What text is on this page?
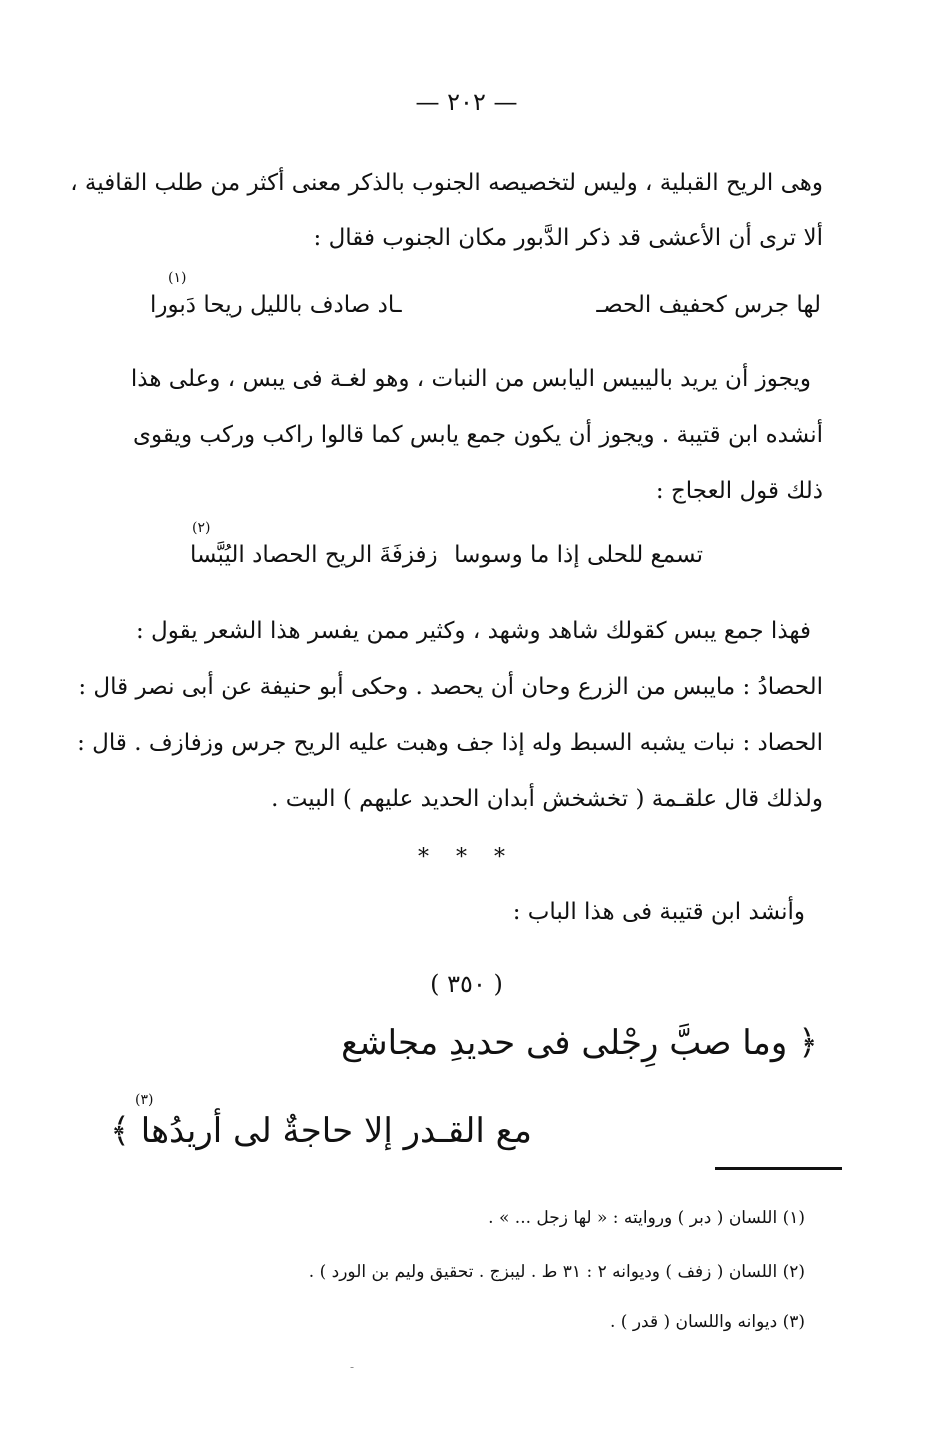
— ٢٠٢ —
وهى الريح القبلية ، وليس لتخصيصه الجنوب بالذكر معنى أكثر من طلب القافية ،
ألا ترى أن الأعشى قد ذكر الدَّبور مكان الجنوب فقال :
لها جرس كحفيف الحصـ
ـاد صادف بالليل ريحا دَبورا
(١)
ويجوز أن يريد باليبيس اليابس من النبات ، وهو لغـة فى يبس ، وعلى هذا
أنشده ابن قتيبة . ويجوز أن يكون جمع يابس كما قالوا راكب وركب ويقوى
ذلك قول العجاج :
تسمع للحلى إذا ما وسوسا
زفزفَةَ الريح الحصاد اليُبَّسا
(٢)
فهذا جمع يبس كقولك شاهد وشهد ، وكثير ممن يفسر هذا الشعر يقول :
الحصادُ : مايبس من الزرع وحان أن يحصد . وحكى أبو حنيفة عن أبى نصر قال :
الحصاد : نبات يشبه السبط وله إذا جف وهبت عليه الريح جرس وزفازف . قال :
ولذلك قال علقـمة ( تخشخش أبدان الحديد عليهم ) البيت .
* * *
وأنشد ابن قتيبة فى هذا الباب :
( ٣٥٠ )
﴿ وما صبَّ رِجْلى فى حديدِ مجاشع
مع القـدر إلا حاجةٌ لى أريدُها ﴾
(٣)
(١) اللسان ( دبر ) وروايته : « لها زجل ... » .
(٢) اللسان ( زفف ) وديوانه ٢ : ٣١ ط . ليبزج . تحقيق وليم بن الورد ) .
(٣) ديوانه واللسان ( قدر ) .
-
